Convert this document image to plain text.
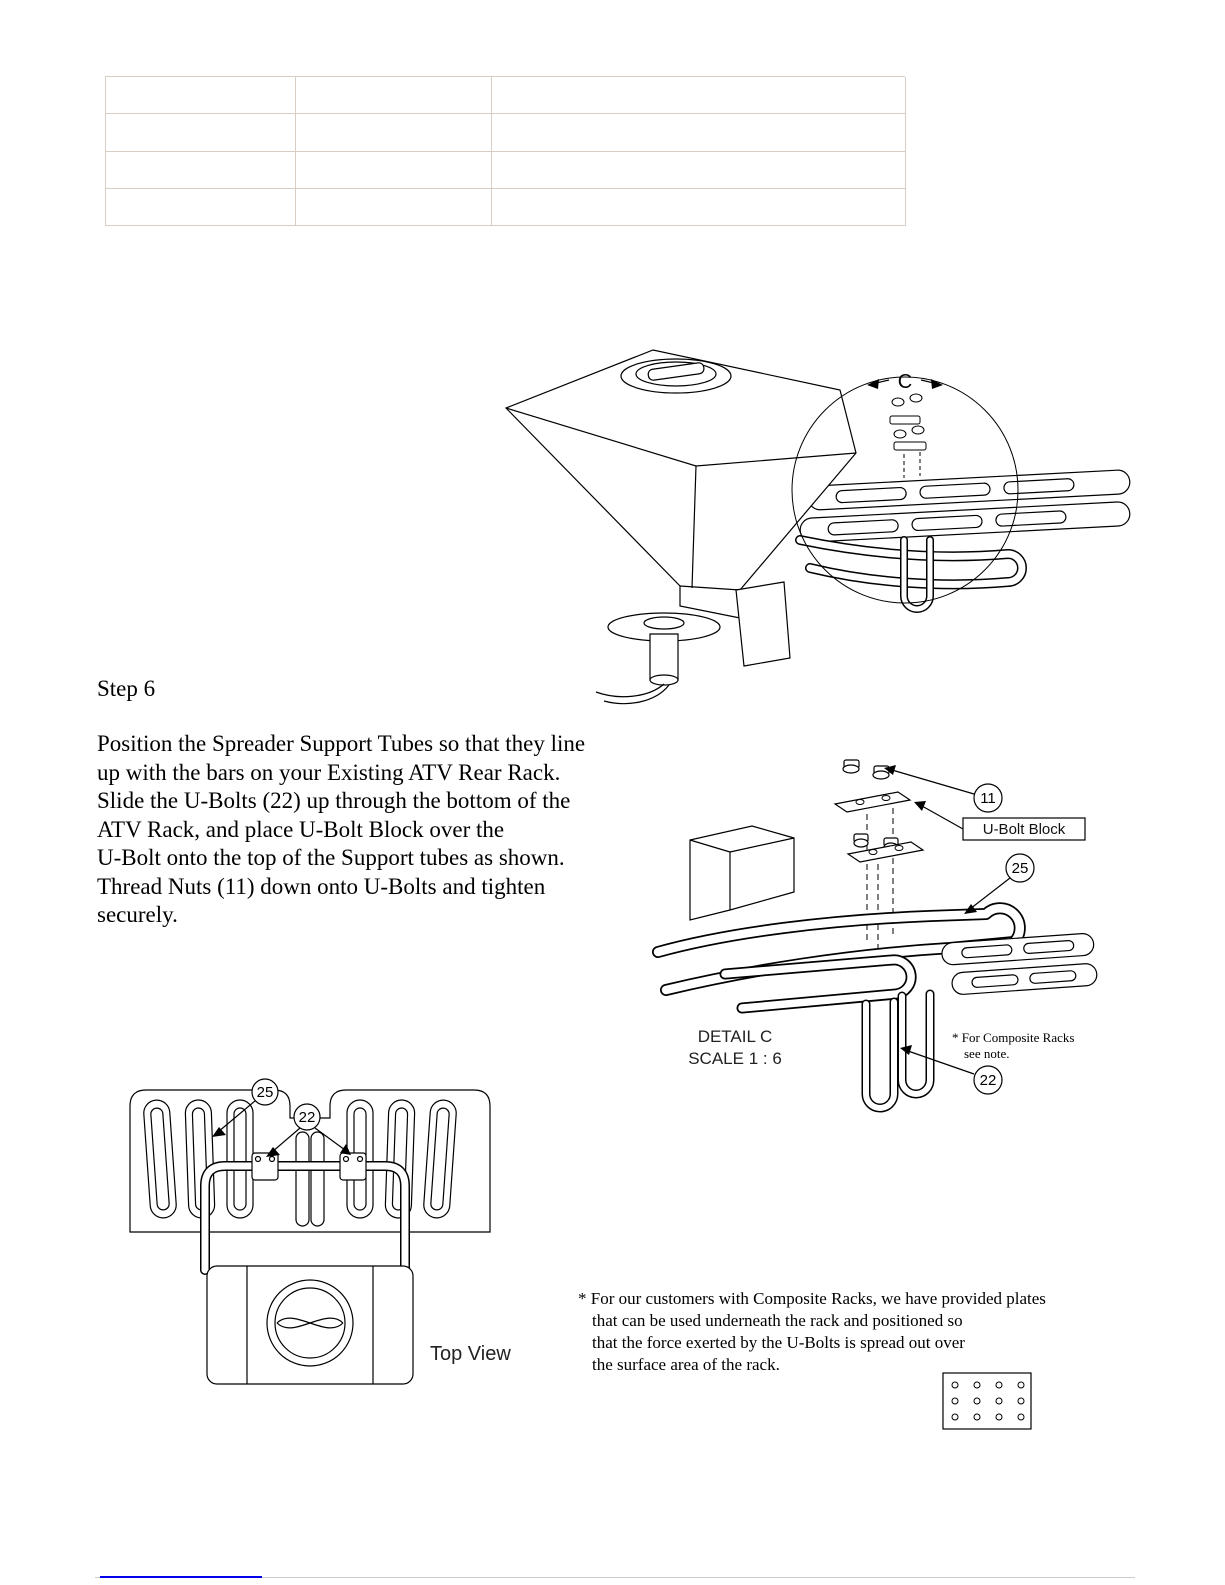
C
Step 6
Position the Spreader Support Tubes so that they line
up with the bars on your Existing ATV Rear Rack.
Slide the U-Bolts (22) up through the bottom of the
ATV Rack, and place U-Bolt Block over the
U-Bolt onto the top of the Support tubes as shown.
Thread Nuts (11) down onto U-Bolts and tighten
securely.
11
U-Bolt Block
25
22
DETAIL C
SCALE 1 : 6
* For Composite Racks
see note.
25
22
Top View
* For our customers with Composite Racks, we have provided plates
that can be used underneath the rack and positioned so
that the force exerted by the U-Bolts is spread out over
the surface area of the rack.
